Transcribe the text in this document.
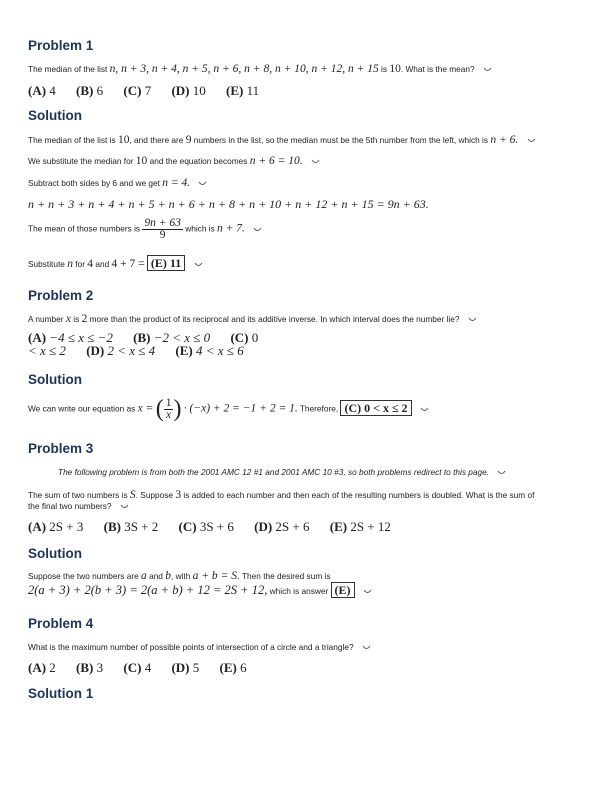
Problem 1
The median of the list n, n + 3, n + 4, n + 5, n + 6, n + 8, n + 10, n + 12, n + 15 is 10. What is the mean?
(A) 4 (B) 6 (C) 7 (D) 10 (E) 11
Solution
The median of the list is 10, and there are 9 numbers in the list, so the median must be the 5th number from the left, which is n + 6.
We substitute the median for 10 and the equation becomes n + 6 = 10.
Subtract both sides by 6 and we get n = 4.
n + n + 3 + n + 4 + n + 5 + n + 6 + n + 8 + n + 10 + n + 12 + n + 15 = 9n + 63.
The mean of those numbers is $\frac{9n + 63}{9}$ which is n + 7.
Substitute n for 4 and 4 + 7 = (E) 11
Problem 2
A number x is 2 more than the product of its reciprocal and its additive inverse. In which interval does the number lie?
(A) −4 ≤ x ≤ −2 (B) −2 < x ≤ 0 (C) 0
< x ≤ 2 (D) 2 < x ≤ 4 (E) 4 < x ≤ 6
Solution
We can write our equation as x = ( $\frac{1}{x}$ ) · (−x) + 2 = −1 + 2 = 1. Therefore, (C) 0 < x ≤ 2
Problem 3
The following problem is from both the 2001 AMC 12 #1 and 2001 AMC 10 #3, so both problems redirect to this page.
The sum of two numbers is S. Suppose 3 is added to each number and then each of the resulting numbers is doubled. What is the sum of
the final two numbers?
(A) 2S + 3 (B) 3S + 2 (C) 3S + 6 (D) 2S + 6 (E) 2S + 12
Solution
Suppose the two numbers are a and b, with a + b = S. Then the desired sum is
2(a + 3) + 2(b + 3) = 2(a + b) + 12 = 2S + 12, which is answer (E)
Problem 4
What is the maximum number of possible points of intersection of a circle and a triangle?
(A) 2 (B) 3 (C) 4 (D) 5 (E) 6
Solution 1
